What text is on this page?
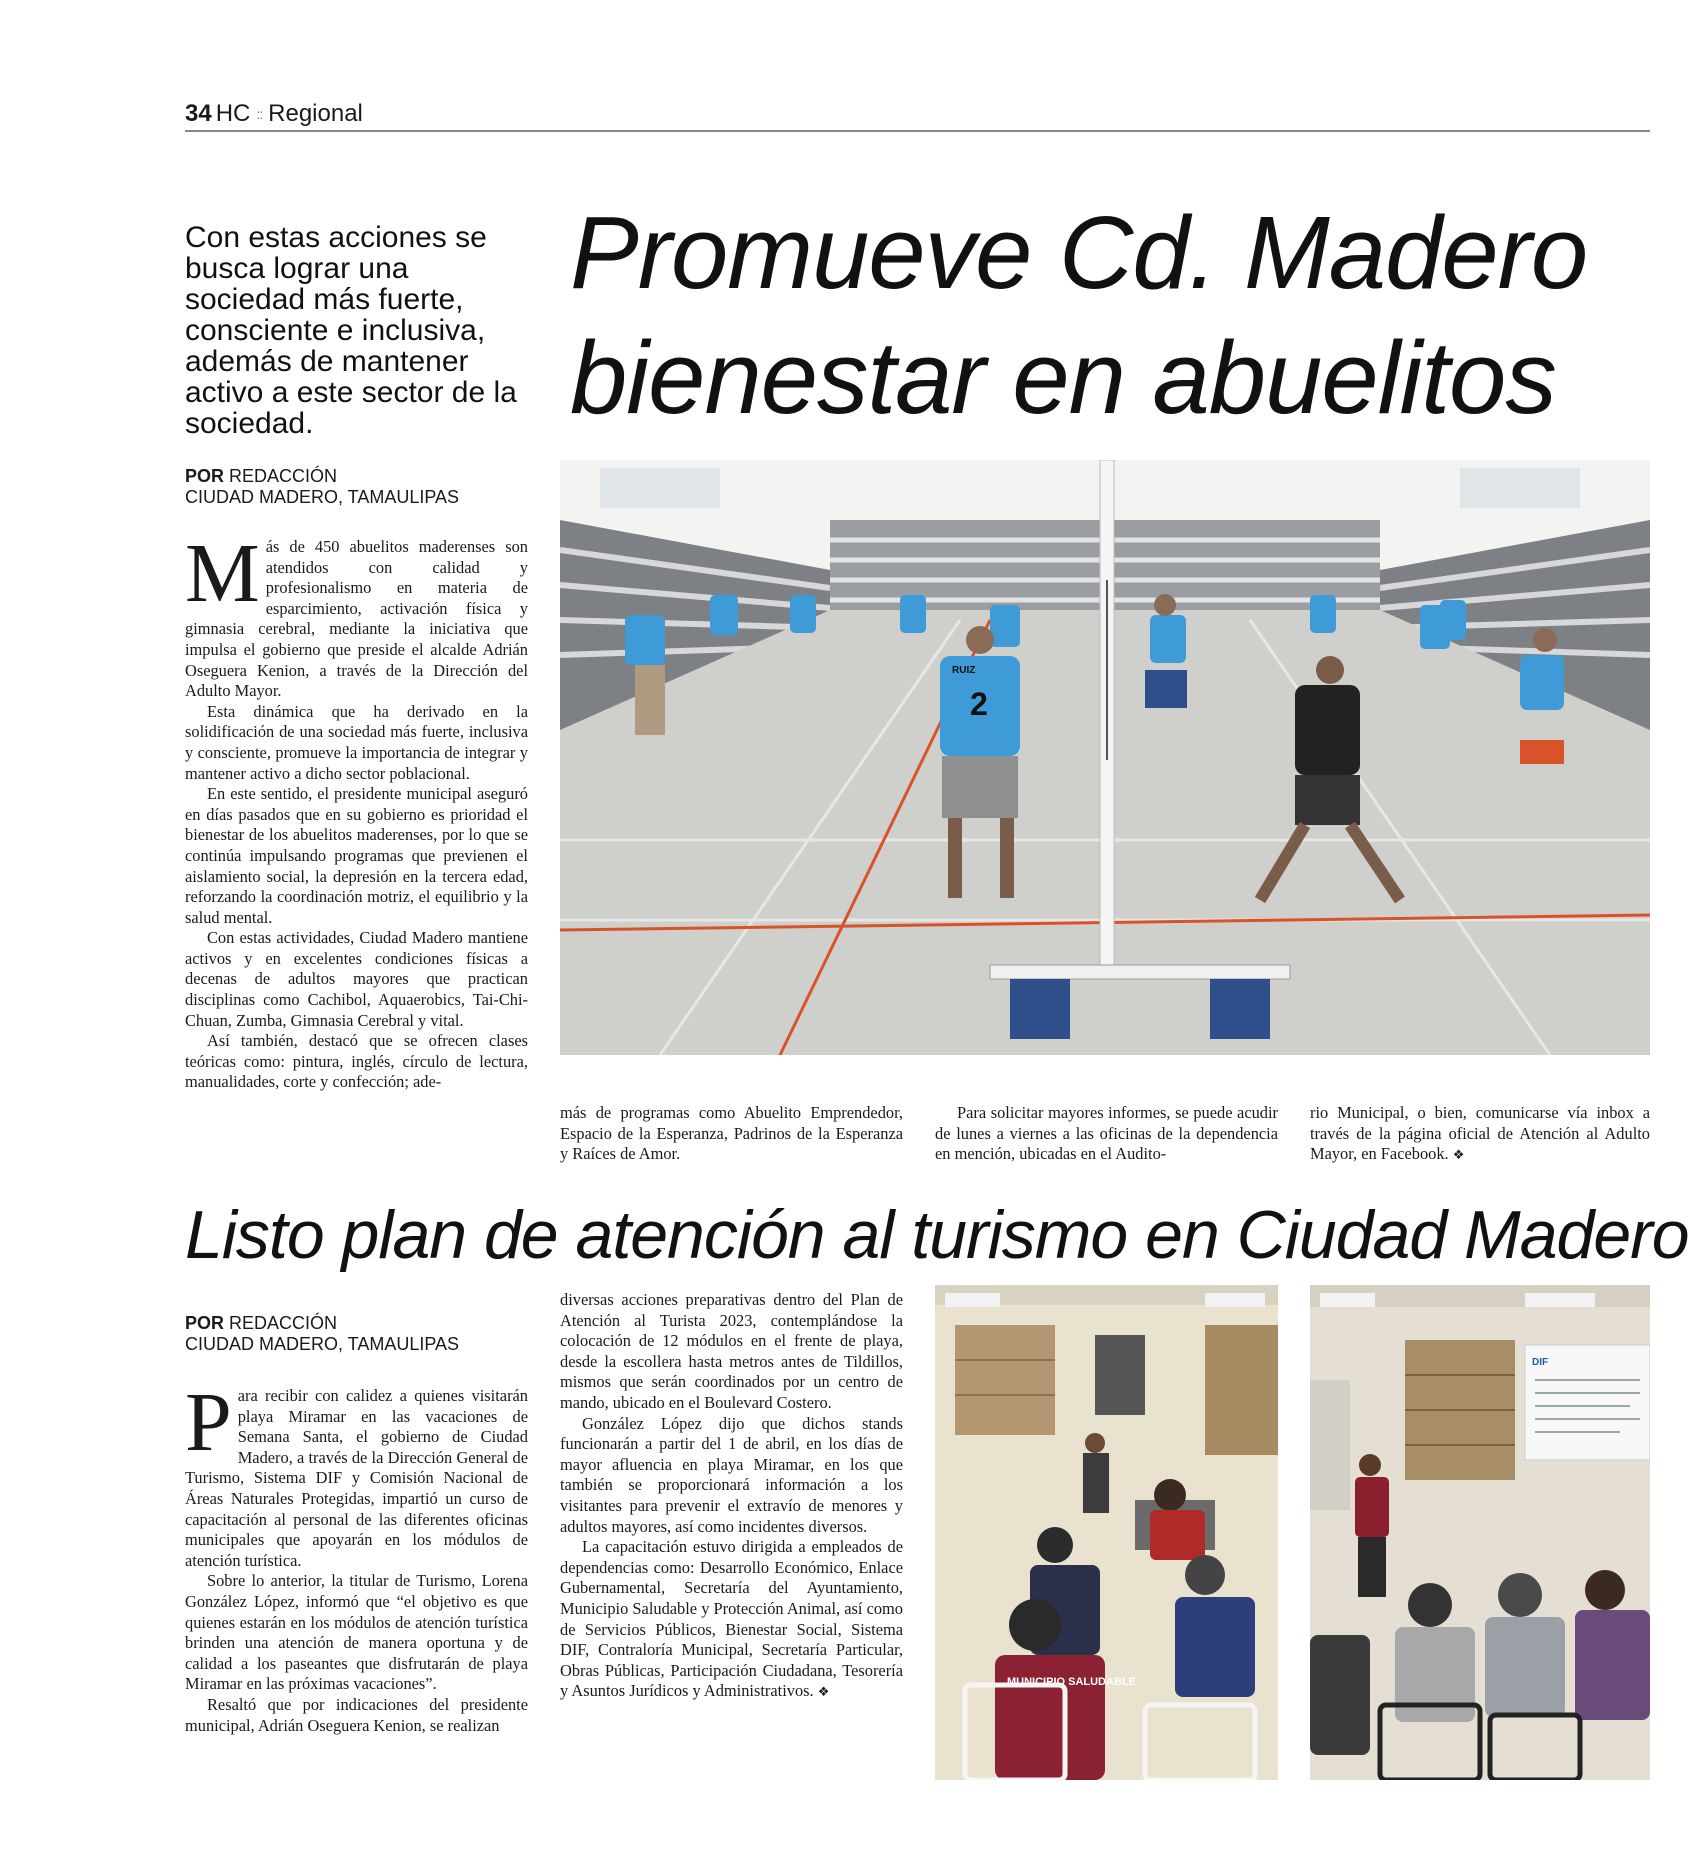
34 HC :: Regional
Con estas acciones se busca lograr una sociedad más fuerte, consciente e inclusiva, además de mantener activo a este sector de la sociedad.
Promueve Cd. Madero
bienestar en abuelitos
POR REDACCIÓN
CIUDAD MADERO, TAMAULIPAS

Más de 450 abuelitos maderenses son atendidos con calidad y profesionalismo en materia de esparcimiento, activación física y gimnasia cerebral, mediante la iniciativa que impulsa el gobierno que preside el alcalde Adrián Oseguera Kenion, a través de la Dirección del Adulto Mayor.

Esta dinámica que ha derivado en la solidificación de una sociedad más fuerte, inclusiva y consciente, promueve la importancia de integrar y mantener activo a dicho sector poblacional.

En este sentido, el presidente municipal aseguró en días pasados que en su gobierno es prioridad el bienestar de los abuelitos maderenses, por lo que se continúa impulsando programas que previenen el aislamiento social, la depresión en la tercera edad, reforzando la coordinación motriz, el equilibrio y la salud mental.

Con estas actividades, Ciudad Madero mantiene activos y en excelentes condiciones físicas a decenas de adultos mayores que practican disciplinas como Cachibol, Aquaerobics, Tai-Chi-Chuan, Zumba, Gimnasia Cerebral y vital.

Así también, destacó que se ofrecen clases teóricas como: pintura, inglés, círculo de lectura, manualidades, corte y confección; ade-

RUIZ
2

más de programas como Abuelito Emprendedor, Espacio de la Esperanza, Padrinos de la Esperanza y Raíces de Amor.

Para solicitar mayores informes, se puede acudir de lunes a viernes a las oficinas de la dependencia en mención, ubicadas en el Audito-

rio Municipal, o bien, comunicarse vía inbox a través de la página oficial de Atención al Adulto Mayor, en Facebook. ❖

Listo plan de atención al turismo en Ciudad Madero
POR REDACCIÓN
CIUDAD MADERO, TAMAULIPAS

Para recibir con calidez a quienes visitarán playa Miramar en las vacaciones de Semana Santa, el gobierno de Ciudad Madero, a través de la Dirección General de Turismo, Sistema DIF y Comisión Nacional de Áreas Naturales Protegidas, impartió un curso de capacitación al personal de las diferentes oficinas municipales que apoyarán en los módulos de atención turística.

Sobre lo anterior, la titular de Turismo, Lorena González López, informó que “el objetivo es que quienes estarán en los módulos de atención turística brinden una atención de manera oportuna y de calidad a los paseantes que disfrutarán de playa Miramar en las próximas vacaciones”.

Resaltó que por indicaciones del presidente municipal, Adrián Oseguera Kenion, se realizan

diversas acciones preparativas dentro del Plan de Atención al Turista 2023, contemplándose la colocación de 12 módulos en el frente de playa, desde la escollera hasta metros antes de Tildillos, mismos que serán coordinados por un centro de mando, ubicado en el Boulevard Costero.

González López dijo que dichos stands funcionarán a partir del 1 de abril, en los días de mayor afluencia en playa Miramar, en los que también se proporcionará información a los visitantes para prevenir el extravío de menores y adultos mayores, así como incidentes diversos.

La capacitación estuvo dirigida a empleados de dependencias como: Desarrollo Económico, Enlace Gubernamental, Secretaría del Ayuntamiento, Municipio Saludable y Protección Animal, así como de Servicios Públicos, Bienestar Social, Sistema DIF, Contraloría Municipal, Secretaría Particular, Obras Públicas, Participación Ciudadana, Tesorería y Asuntos Jurídicos y Administrativos. ❖

MUNICIPIO SALUDABLE
DIF
